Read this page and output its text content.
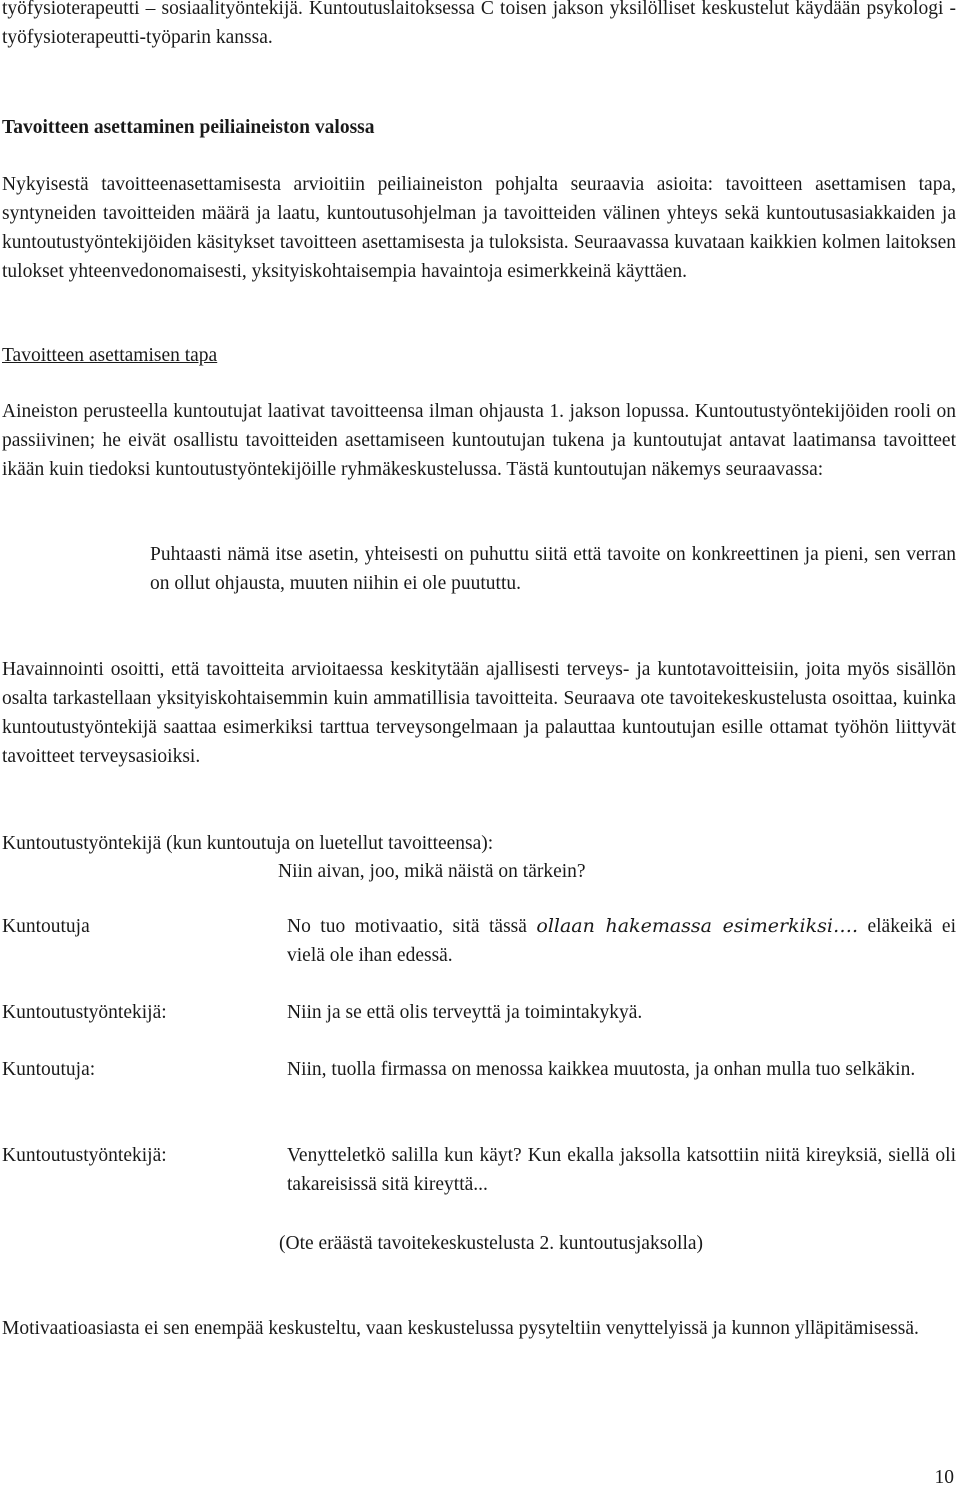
työfysioterapeutti – sosiaalityöntekijä. Kuntoutuslaitoksessa C toisen jakson yksilölliset keskustelut käydään psykologi - työfysioterapeutti-työparin kanssa.
Tavoitteen asettaminen peiliaineiston valossa
Nykyisestä tavoitteenasettamisesta arvioitiin peiliaineiston pohjalta seuraavia asioita: tavoitteen asettamisen tapa, syntyneiden tavoitteiden määrä ja laatu, kuntoutusohjelman ja tavoitteiden välinen yhteys sekä kuntoutusasiakkaiden ja kuntoutustyöntekijöiden käsitykset tavoitteen asettamisesta ja tuloksista. Seuraavassa kuvataan kaikkien kolmen laitoksen tulokset yhteenvedonomaisesti, yksityiskohtaisempia havaintoja esimerkkeinä käyttäen.
Tavoitteen asettamisen tapa
Aineiston perusteella kuntoutujat laativat tavoitteensa ilman ohjausta 1. jakson lopussa. Kuntoutustyöntekijöiden rooli on passiivinen; he eivät osallistu tavoitteiden asettamiseen kuntoutujan tukena ja kuntoutujat antavat laatimansa tavoitteet ikään kuin tiedoksi kuntoutustyöntekijöille ryhmäkeskustelussa. Tästä kuntoutujan näkemys seuraavassa:
Puhtaasti nämä itse asetin, yhteisesti on puhuttu siitä että tavoite on konkreettinen ja pieni, sen verran on ollut ohjausta, muuten niihin ei ole puututtu.
Havainnointi osoitti, että tavoitteita arvioitaessa keskitytään ajallisesti terveys- ja kuntotavoitteisiin, joita myös sisällön osalta tarkastellaan yksityiskohtaisemmin kuin ammatillisia tavoitteita. Seuraava ote tavoitekeskustelusta osoittaa, kuinka kuntoutustyöntekijä saattaa esimerkiksi tarttua terveysongelmaan ja palauttaa kuntoutujan esille ottamat työhön liittyvät tavoitteet terveysasioiksi.
Kuntoutustyöntekijä (kun kuntoutuja on luetellut tavoitteensa):
Niin aivan, joo, mikä näistä on tärkein?
Kuntoutuja	No tuo motivaatio, sitä tässä ollaan hakemassa esimerkiksi…. eläkeikä ei vielä ole ihan edessä.
Kuntoutustyöntekijä:	Niin ja se että olis terveyttä ja toimintakykyä.
Kuntoutuja:	Niin, tuolla firmassa on menossa kaikkea muutosta, ja onhan mulla tuo selkäkin.
Kuntoutustyöntekijä:	Venytteletkö salilla kun käyt? Kun ekalla jaksolla katsottiin niitä kireyksiä, siellä oli takareisissä sitä kireyttä...
(Ote eräästä tavoitekeskustelusta 2. kuntoutusjaksolla)
Motivaatioasiasta ei sen enempää keskusteltu, vaan keskustelussa pysyteltiin venyttelyissä ja kunnon ylläpitämisessä.
10
